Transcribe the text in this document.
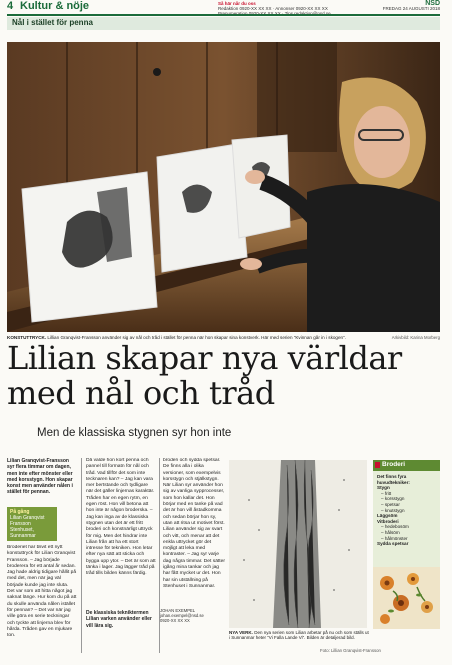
4 Kultur & nöje	Så här når du oss
Redaktion 0920-XX XX XX · Annonser 0920-XX XX XX
NSD
FREDAG 24 AUGUSTI 2018
Nål i stället för penna
KONSTUTTRYCK. Lillian Granqvist-Fransson använder sig av nål och tråd i stället för penna när hon skapar sina konstverk. Här med serien ”Kvinnan går in i skogen”.	Arkivbild: Karina Morberg
Lilian skapar nya världar med nål och tråd
Men de klassiska stygnen syr hon inte

Lilian Granqvist-Fransson syr flera timmar om dagen, men inte efter mönster eller med korsstygn. Hon skapar konst men använder nålen i stället för pennan.

På gång
Lilian Granqvist
Fransson
Stenhuset,
Sunnanmar

Broderiet har blivit ett nytt konstuttryck för Lilian Granqvist Fransson. – Jag började broderera för ett antal år sedan. Jag hade aldrig tidigare hållit på med det, men när jag väl började kunde jag inte sluta. Det var som att hitta något jag saknat länge. Hur kom du på att du skulle använda nålen istället för pennan? – Det var när jag ville göra en serie teckningar och tyckte att linjerna blev för hårda. Tråden gav en mjukare ton.

Då valde hon kort penna och pannel till formatn för nål och tråd. Vad tillför det som inte tecknaren kan? – Jag kan vara mer bertstande och tydligare när det gäller linjernas karaktär. Tråden har en egen rytm, en egen röst. Hon vill betona att hon inte är någon broderska. – Jag kan inga av de klassiska stygnen utan det är ett fritt broderi och konstnärligt uttryck för mig. Men det hindrar inte Lilian från att ha ett stort intresse för tekniken. Hon letar efter nya sätt att sticka och bygga upp ytor. – Det är som att tänka i lager. Jag lägger tråd på tråd tills bilden känns färdig.

De klassiska tekniktermen Lilian varken använder eller vill lära sig.

broderi och sydda spetsar. De finns alla i olika versioner, som exempelvis korsstygn och stjälkstygn. När Lilian syr använder hon sig av vanliga sypprocesser, som hon kallar det. Hon börjar med en tanke på vad det är hon vill åstadkomma och sedan börjar hon sy, utan att ritsa ut motivet först. Lilian använder sig av svart och vitt, och menar att det enkla uttrycket gör det möjligt att leka med kontraster. – Jag syr varje dag några timmar. Det sätter igång mina tankar och jag har fått mycket ur det. Hon har sin utställning på Stenhuset i Sunnanmar.

JOHAN EXEMPEL
johan.exempel@nsd.se
0920-XX XX XX
NYA VERK. Den nya serien som Lilian arbetar på nu och som ställs ut i Sunnanmar heter ”Vi Falla Lande Vi”. Bilden är detaljerad bild.
Foto: Lillian Granqvist-Fransson
Broderi
Det finns fyra huvudtekniker:
Stygn
– fritt
– korsstygn
– spetsar
– knutstygn
Läggsöm
Vitbroderi
– hedebosöm
– hålsöm
– hålmönster
Sydda spetsar
